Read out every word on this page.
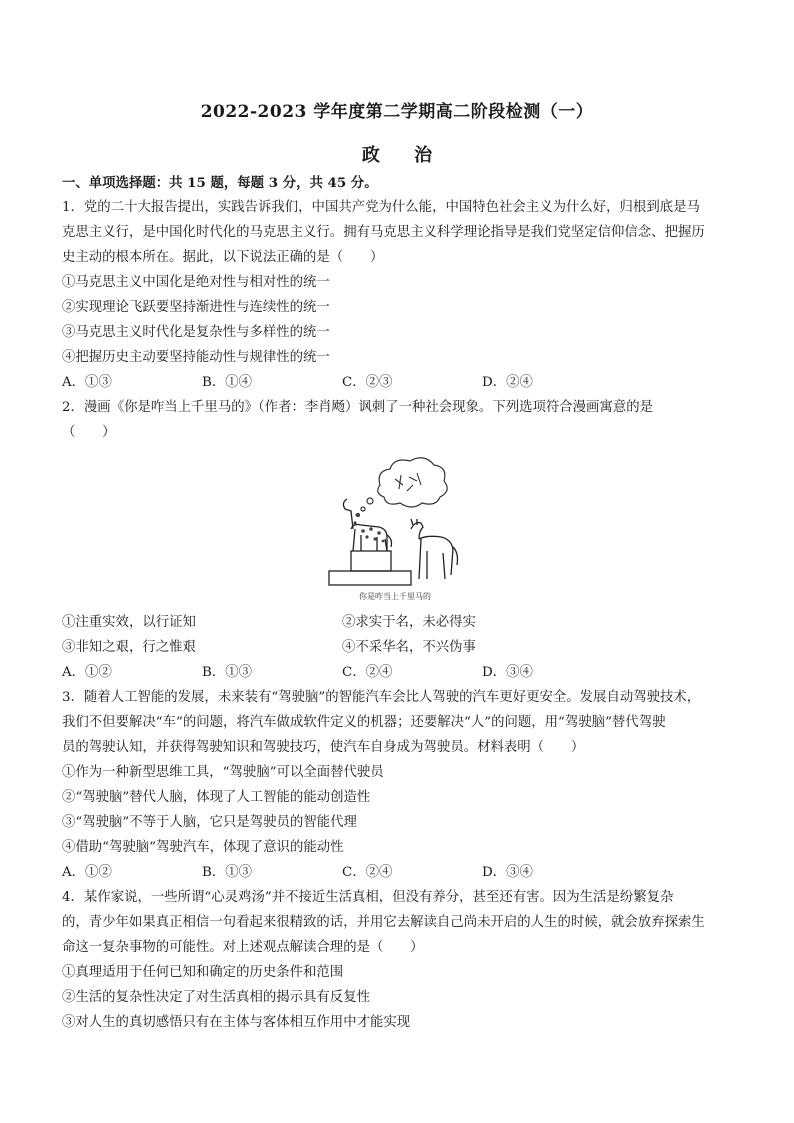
2022-2023 学年度第二学期高二阶段检测（一）
政 治
一、单项选择题：共 15 题，每题 3 分，共 45 分。
1．党的二十大报告提出，实践告诉我们，中国共产党为什么能，中国特色社会主义为什么好，归根到底是马
克思主义行，是中国化时代化的马克思主义行。拥有马克思主义科学理论指导是我们党坚定信仰信念、把握历
史主动的根本所在。据此，以下说法正确的是（　　）
①马克思主义中国化是绝对性与相对性的统一
②实现理论飞跃要坚持渐进性与连续性的统一
③马克思主义时代化是复杂性与多样性的统一
④把握历史主动要坚持能动性与规律性的统一
A．①③	B．①④	C．②③	D．②④
2．漫画《你是咋当上千里马的》（作者：李肖飏）讽刺了一种社会现象。下列选项符合漫画寓意的是
（　　）
你是咋当上千里马的
①注重实效，以行证知	②求实于名，未必得实
③非知之艰，行之惟艰	④不采华名，不兴伪事
A．①②	B．①③	C．②④	D．③④
3．随着人工智能的发展，未来装有“驾驶脑”的智能汽车会比人驾驶的汽车更好更安全。发展自动驾驶技术，
我们不但要解决“车”的问题，将汽车做成软件定义的机器；还要解决“人”的问题，用“驾驶脑”替代驾驶
员的驾驶认知，并获得驾驶知识和驾驶技巧，使汽车自身成为驾驶员。材料表明（　　）
①作为一种新型思维工具，“驾驶脑”可以全面替代驶员
②“驾驶脑”替代人脑，体现了人工智能的能动创造性
③“驾驶脑”不等于人脑，它只是驾驶员的智能代理
④借助“驾驶脑”驾驶汽车，体现了意识的能动性
A．①②	B．①③	C．②④	D．③④
4．某作家说，一些所谓“心灵鸡汤”并不接近生活真相，但没有养分，甚至还有害。因为生活是纷繁复杂
的，青少年如果真正相信一句看起来很精致的话，并用它去解读自己尚未开启的人生的时候，就会放弃探索生
命这一复杂事物的可能性。对上述观点解读合理的是（　　）
①真理适用于任何已知和确定的历史条件和范围
②生活的复杂性决定了对生活真相的揭示具有反复性
③对人生的真切感悟只有在主体与客体相互作用中才能实现
